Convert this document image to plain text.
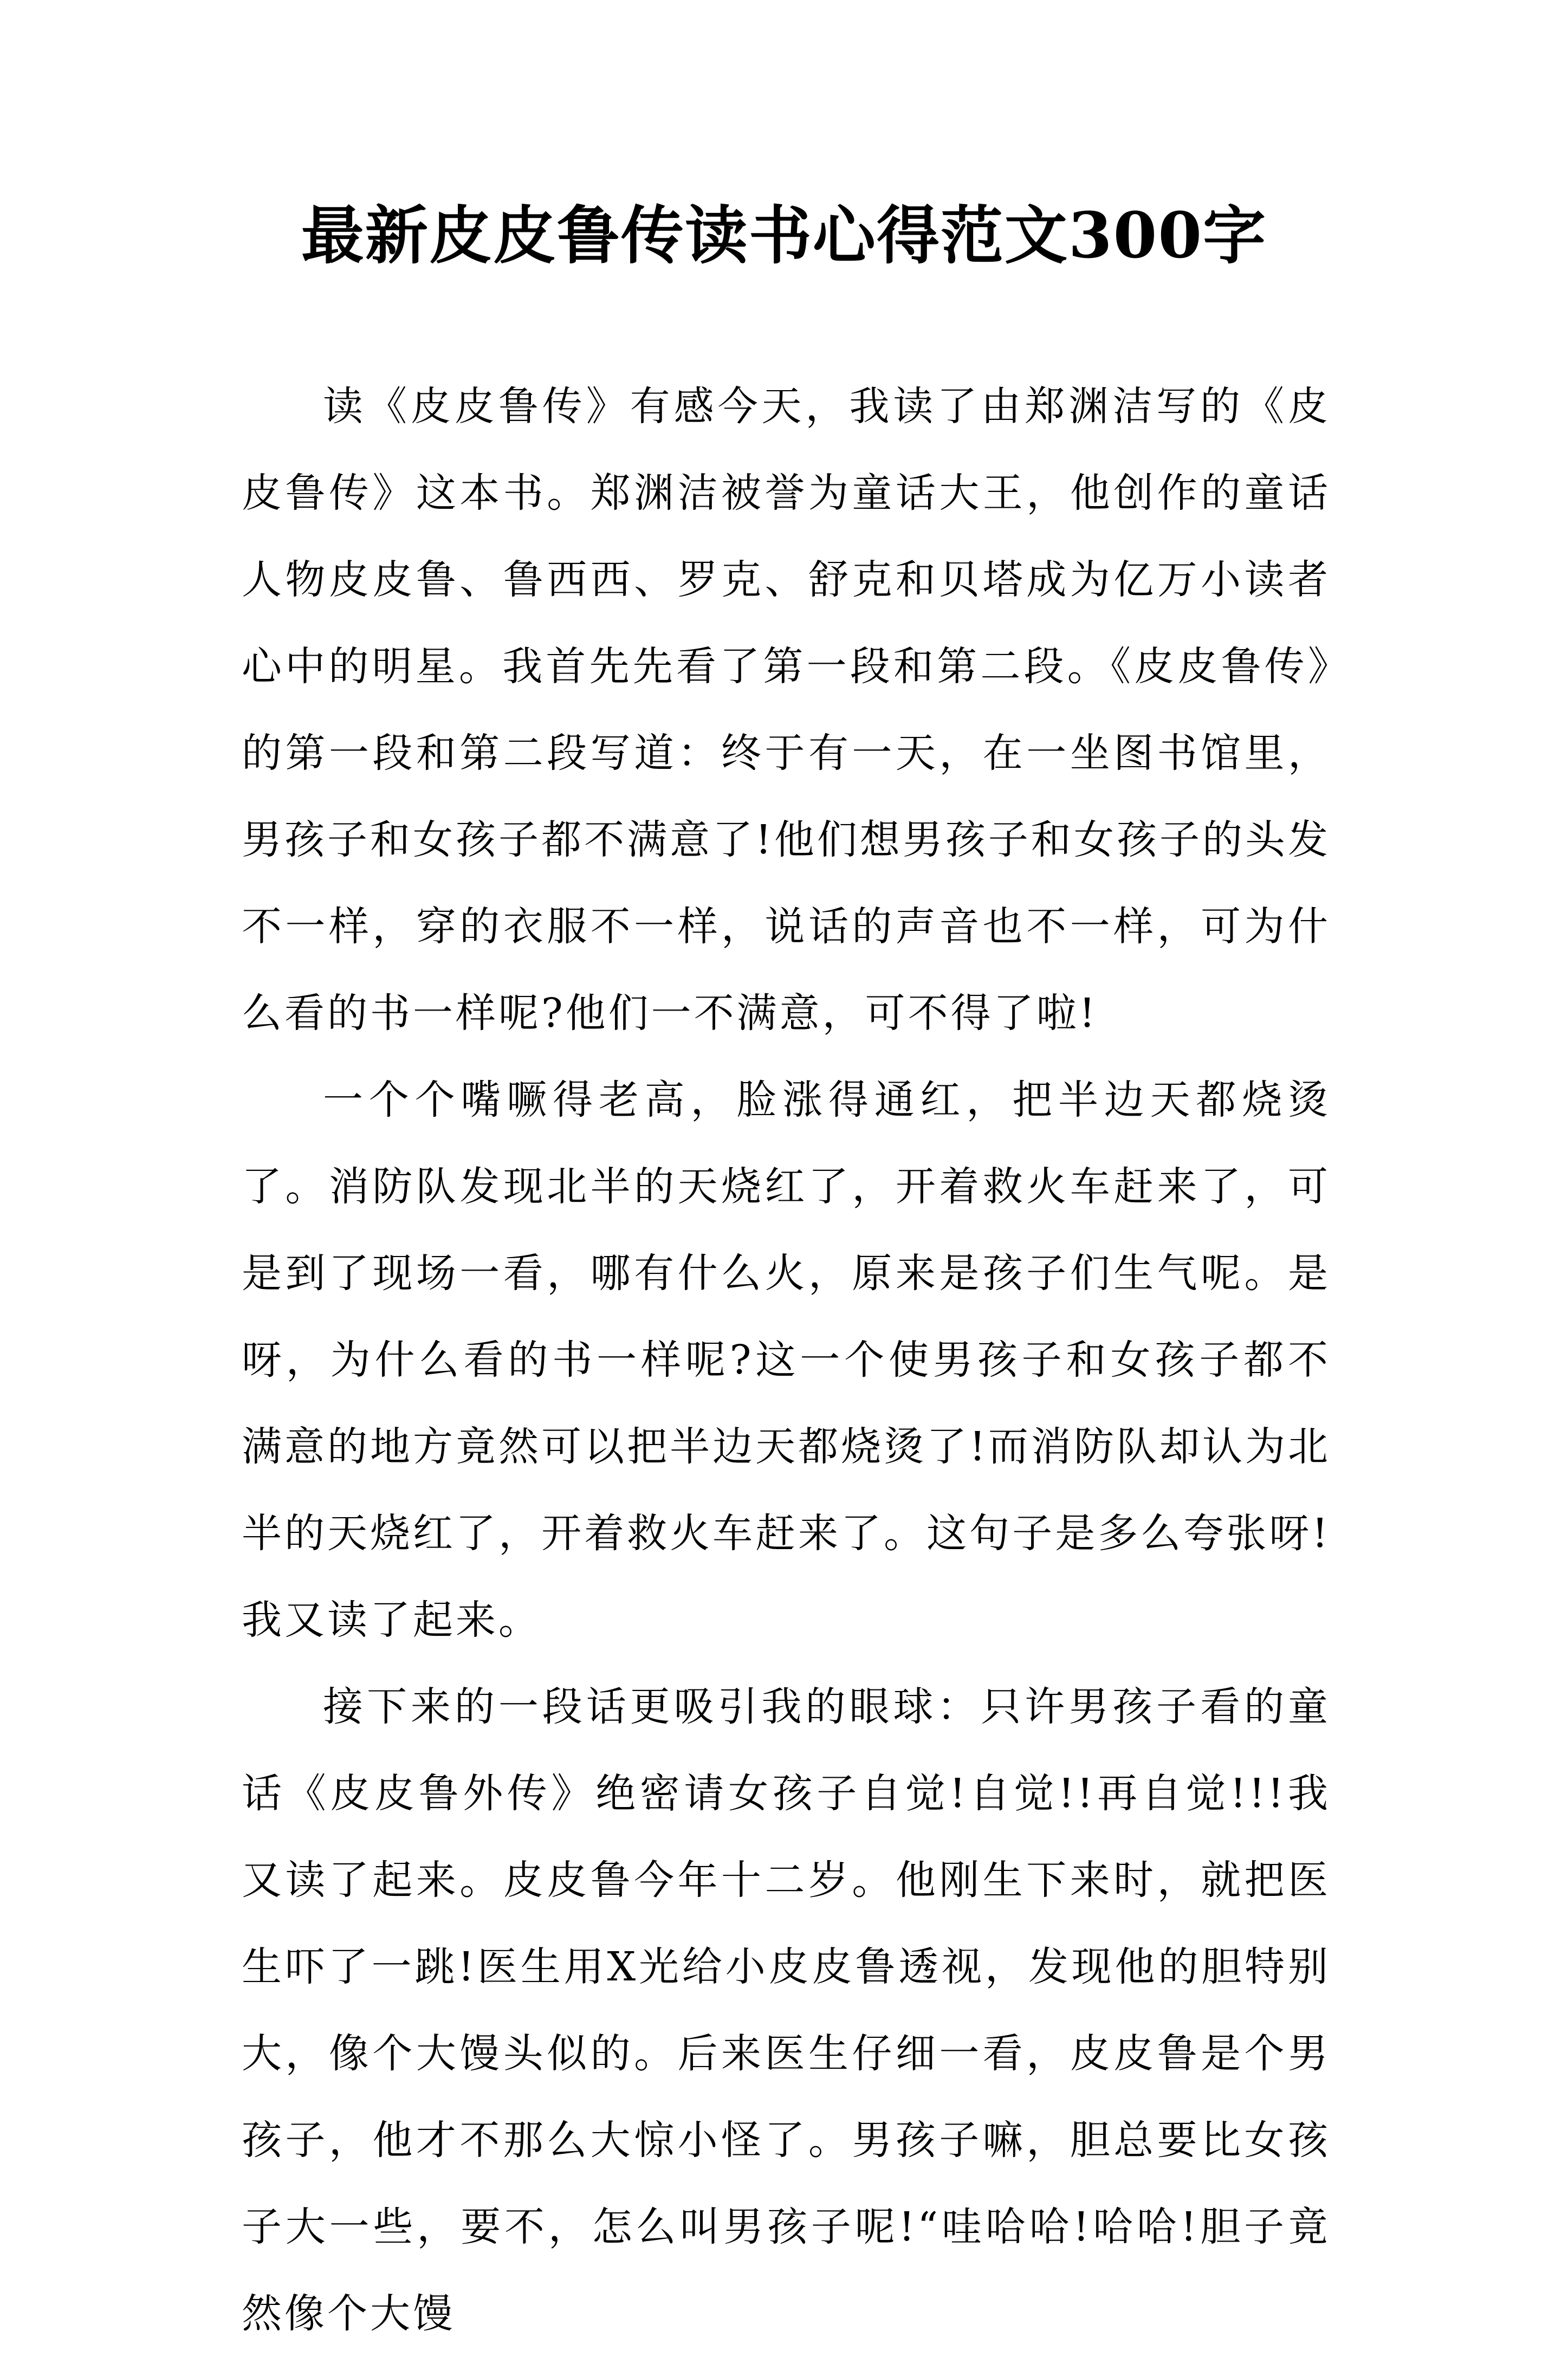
最新皮皮鲁传读书心得范文300字

读《皮皮鲁传》有感今天，我读了由郑渊洁写的《皮皮鲁传》这本书。郑渊洁被誉为童话大王，他创作的童话人物皮皮鲁、鲁西西、罗克、舒克和贝塔成为亿万小读者心中的明星。我首先先看了第一段和第二段。《皮皮鲁传》的第一段和第二段写道：终于有一天，在一坐图书馆里，男孩子和女孩子都不满意了!他们想男孩子和女孩子的头发不一样，穿的衣服不一样，说话的声音也不一样，可为什么看的书一样呢?他们一不满意，可不得了啦!

一个个嘴噘得老高，脸涨得通红，把半边天都烧烫了。消防队发现北半的天烧红了，开着救火车赶来了，可是到了现场一看，哪有什么火，原来是孩子们生气呢。是呀，为什么看的书一样呢?这一个使男孩子和女孩子都不满意的地方竟然可以把半边天都烧烫了!而消防队却认为北半的天烧红了，开着救火车赶来了。这句子是多么夸张呀!我又读了起来。

接下来的一段话更吸引我的眼球：只许男孩子看的童话《皮皮鲁外传》绝密请女孩子自觉!自觉!!再自觉!!!我又读了起来。皮皮鲁今年十二岁。他刚生下来时，就把医生吓了一跳!医生用X光给小皮皮鲁透视，发现他的胆特别大，像个大馒头似的。后来医生仔细一看，皮皮鲁是个男孩子，他才不那么大惊小怪了。男孩子嘛，胆总要比女孩子大一些，要不，怎么叫男孩子呢!“哇哈哈!哈哈!胆子竟然像个大馒
